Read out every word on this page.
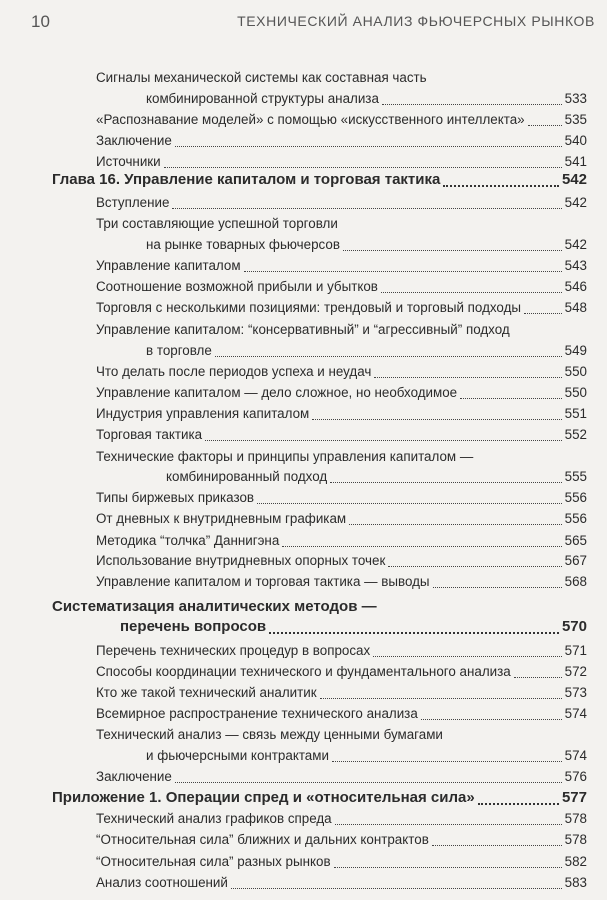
10	ТЕХНИЧЕСКИЙ АНАЛИЗ ФЬЮЧЕРСНЫХ РЫНКОВ
Сигналы механической системы как составная часть
комбинированной структуры анализа	533
«Распознавание моделей» с помощью «искусственного интеллекта»	535
Заключение	540
Источники	541
Глава 16. Управление капиталом и торговая тактика	542
Вступление	542
Три составляющие успешной торговли
на рынке товарных фьючерсов	542
Управление капиталом	543
Соотношение возможной прибыли и убытков	546
Торговля с несколькими позициями: трендовый и торговый подходы	548
Управление капиталом: “консервативный” и “агрессивный” подход
в торговле	549
Что делать после периодов успеха и неудач	550
Управление капиталом — дело сложное, но необходимое	550
Индустрия управления капиталом	551
Торговая тактика	552
Технические факторы и принципы управления капиталом —
комбинированный подход	555
Типы биржевых приказов	556
От дневных к внутридневным графикам	556
Методика “толчка” Даннигэна	565
Использование внутридневных опорных точек	567
Управление капиталом и торговая тактика — выводы	568
Систематизация аналитических методов —
перечень вопросов	570
Перечень технических процедур в вопросах	571
Способы координации технического и фундаментального анализа	572
Кто же такой технический аналитик	573
Всемирное распространение технического анализа	574
Технический анализ — связь между ценными бумагами
и фьючерсными контрактами	574
Заключение	576
Приложение 1. Операции спред и «относительная сила»	577
Технический анализ графиков спреда	578
“Относительная сила” ближних и дальних контрактов	578
“Относительная сила” разных рынков	582
Анализ соотношений	583
